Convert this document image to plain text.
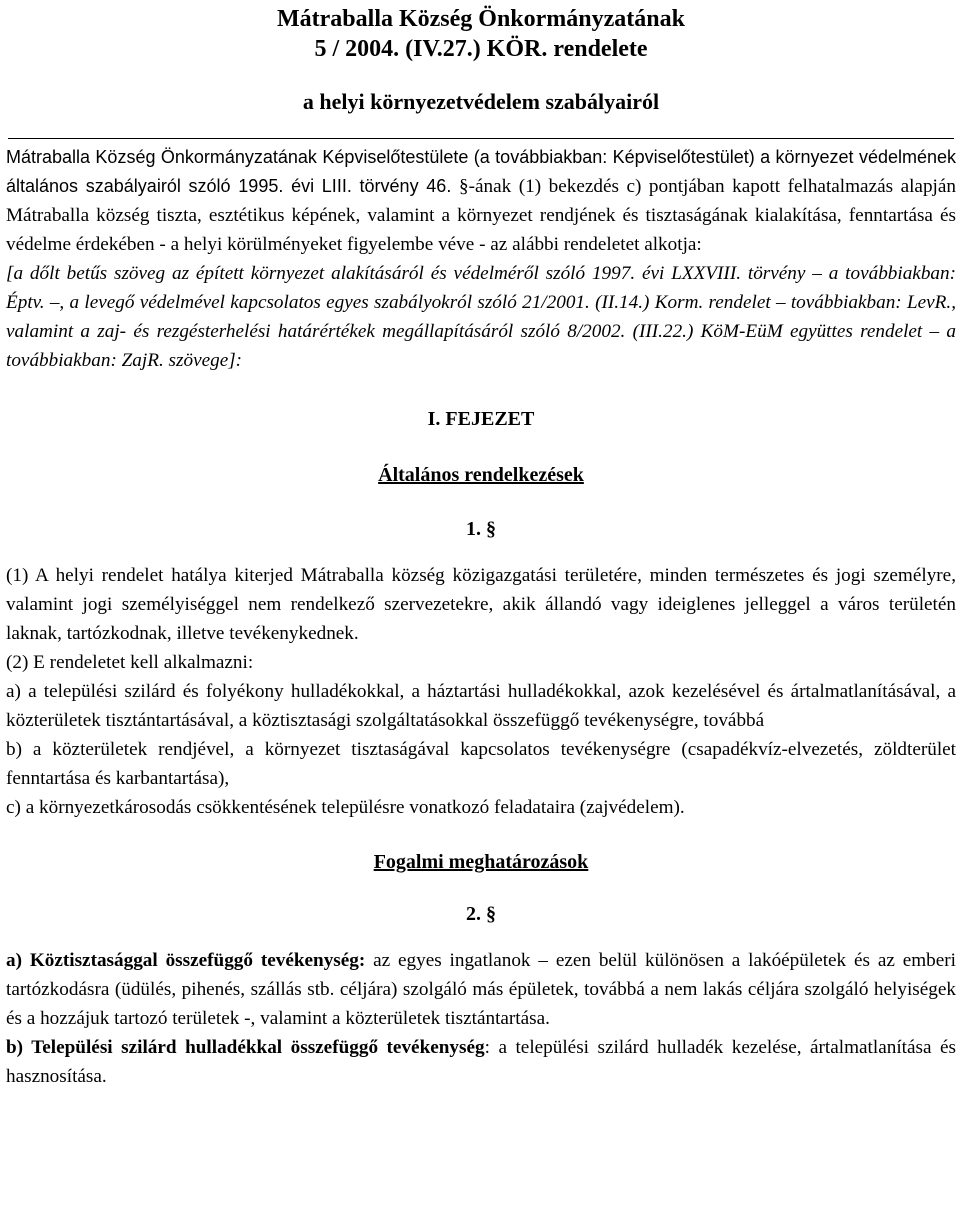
Mátraballa Község Önkormányzatának
5 / 2004. (IV.27.) KÖR. rendelete
a helyi környezetvédelem szabályairól

Mátraballa Község Önkormányzatának Képviselőtestülete (a továbbiakban: Képviselőtestület) a környezet védelmének általános szabályairól szóló 1995. évi LIII. törvény 46. §-ának (1) bekezdés c) pontjában kapott felhatalmazás alapján Mátraballa község tiszta, esztétikus képének, valamint a környezet rendjének és tisztaságának kialakítása, fenntartása és védelme érdekében - a helyi körülményeket figyelembe véve - az alábbi rendeletet alkotja:

[a dőlt betűs szöveg az épített környezet alakításáról és védelméről szóló 1997. évi LXXVIII. törvény – a továbbiakban: Éptv. –, a levegő védelmével kapcsolatos egyes szabályokról szóló 21/2001. (II.14.) Korm. rendelet – továbbiakban: LevR., valamint a zaj- és rezgésterhelési határértékek megállapításáról szóló 8/2002. (III.22.) KöM-EüM együttes rendelet – a továbbiakban: ZajR. szövege]:

I. FEJEZET
Általános rendelkezések
1. §

(1) A helyi rendelet hatálya kiterjed Mátraballa község közigazgatási területére, minden természetes és jogi személyre, valamint jogi személyiséggel nem rendelkező szervezetekre, akik állandó vagy ideiglenes jelleggel a város területén laknak, tartózkodnak, illetve tevékenykednek.

(2) E rendeletet kell alkalmazni:

a) a települési szilárd és folyékony hulladékokkal, a háztartási hulladékokkal, azok kezelésével és ártalmatlanításával, a közterületek tisztántartásával, a köztisztasági szolgáltatásokkal összefüggő tevékenységre, továbbá

b) a közterületek rendjével, a környezet tisztaságával kapcsolatos tevékenységre (csapadékvíz-elvezetés, zöldterület fenntartása és karbantartása),

c) a környezetkárosodás csökkentésének településre vonatkozó feladataira (zajvédelem).

Fogalmi meghatározások
2. §

a) Köztisztasággal összefüggő tevékenység: az egyes ingatlanok – ezen belül különösen a lakóépületek és az emberi tartózkodásra (üdülés, pihenés, szállás stb. céljára) szolgáló más épületek, továbbá a nem lakás céljára szolgáló helyiségek és a hozzájuk tartozó területek -, valamint a közterületek tisztántartása.

b) Települési szilárd hulladékkal összefüggő tevékenység: a települési szilárd hulladék kezelése, ártalmatlanítása és hasznosítása.
